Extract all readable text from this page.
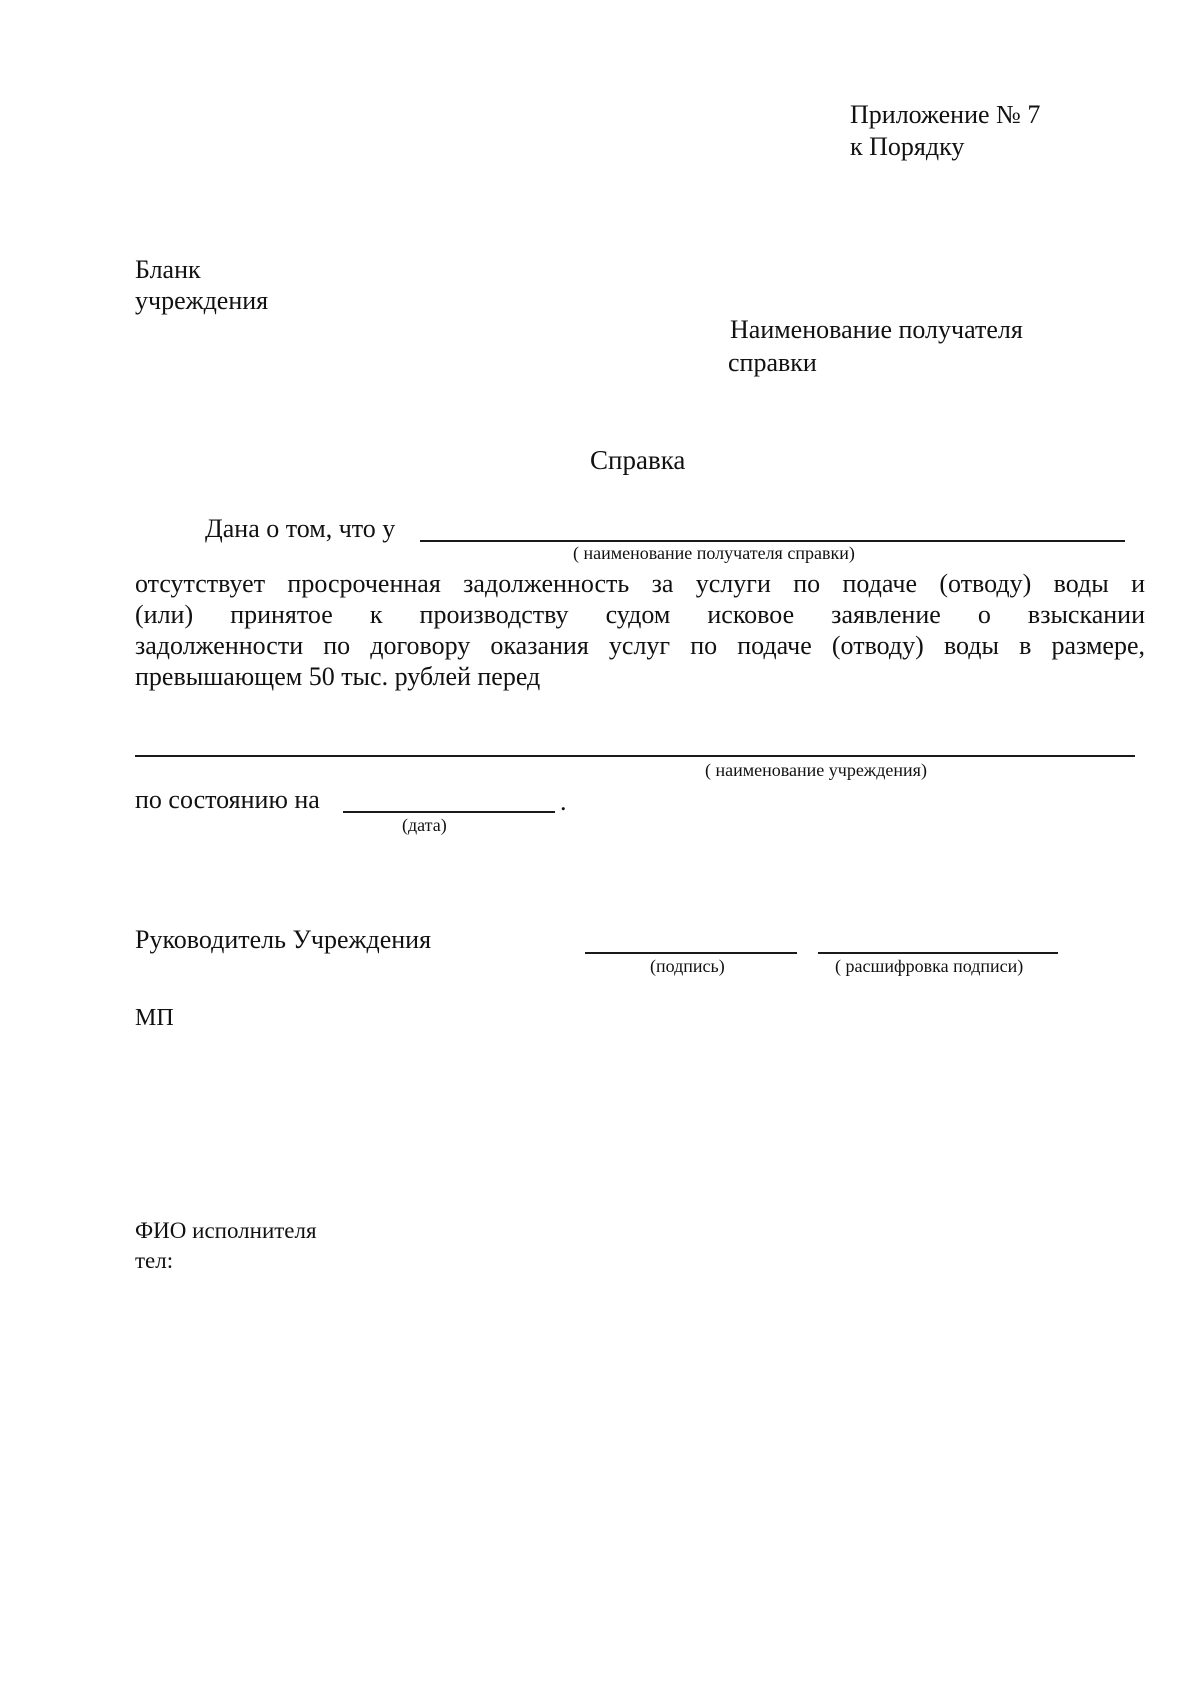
Приложение № 7
к Порядку
Бланк
учреждения
Наименование получателя
справки
Справка
Дана о том, что у
( наименование получателя справки)
отсутствует просроченная задолженность за услуги по подаче (отводу) воды и
(или) принятое к производству судом исковое заявление о взыскании
задолженности по договору оказания услуг по подаче (отводу) воды в размере,
превышающем 50 тыс. рублей перед
( наименование учреждения)
по состоянию на	.
(дата)
Руководитель Учреждения
(подпись)	( расшифровка подписи)
МП
ФИО исполнителя
тел:
